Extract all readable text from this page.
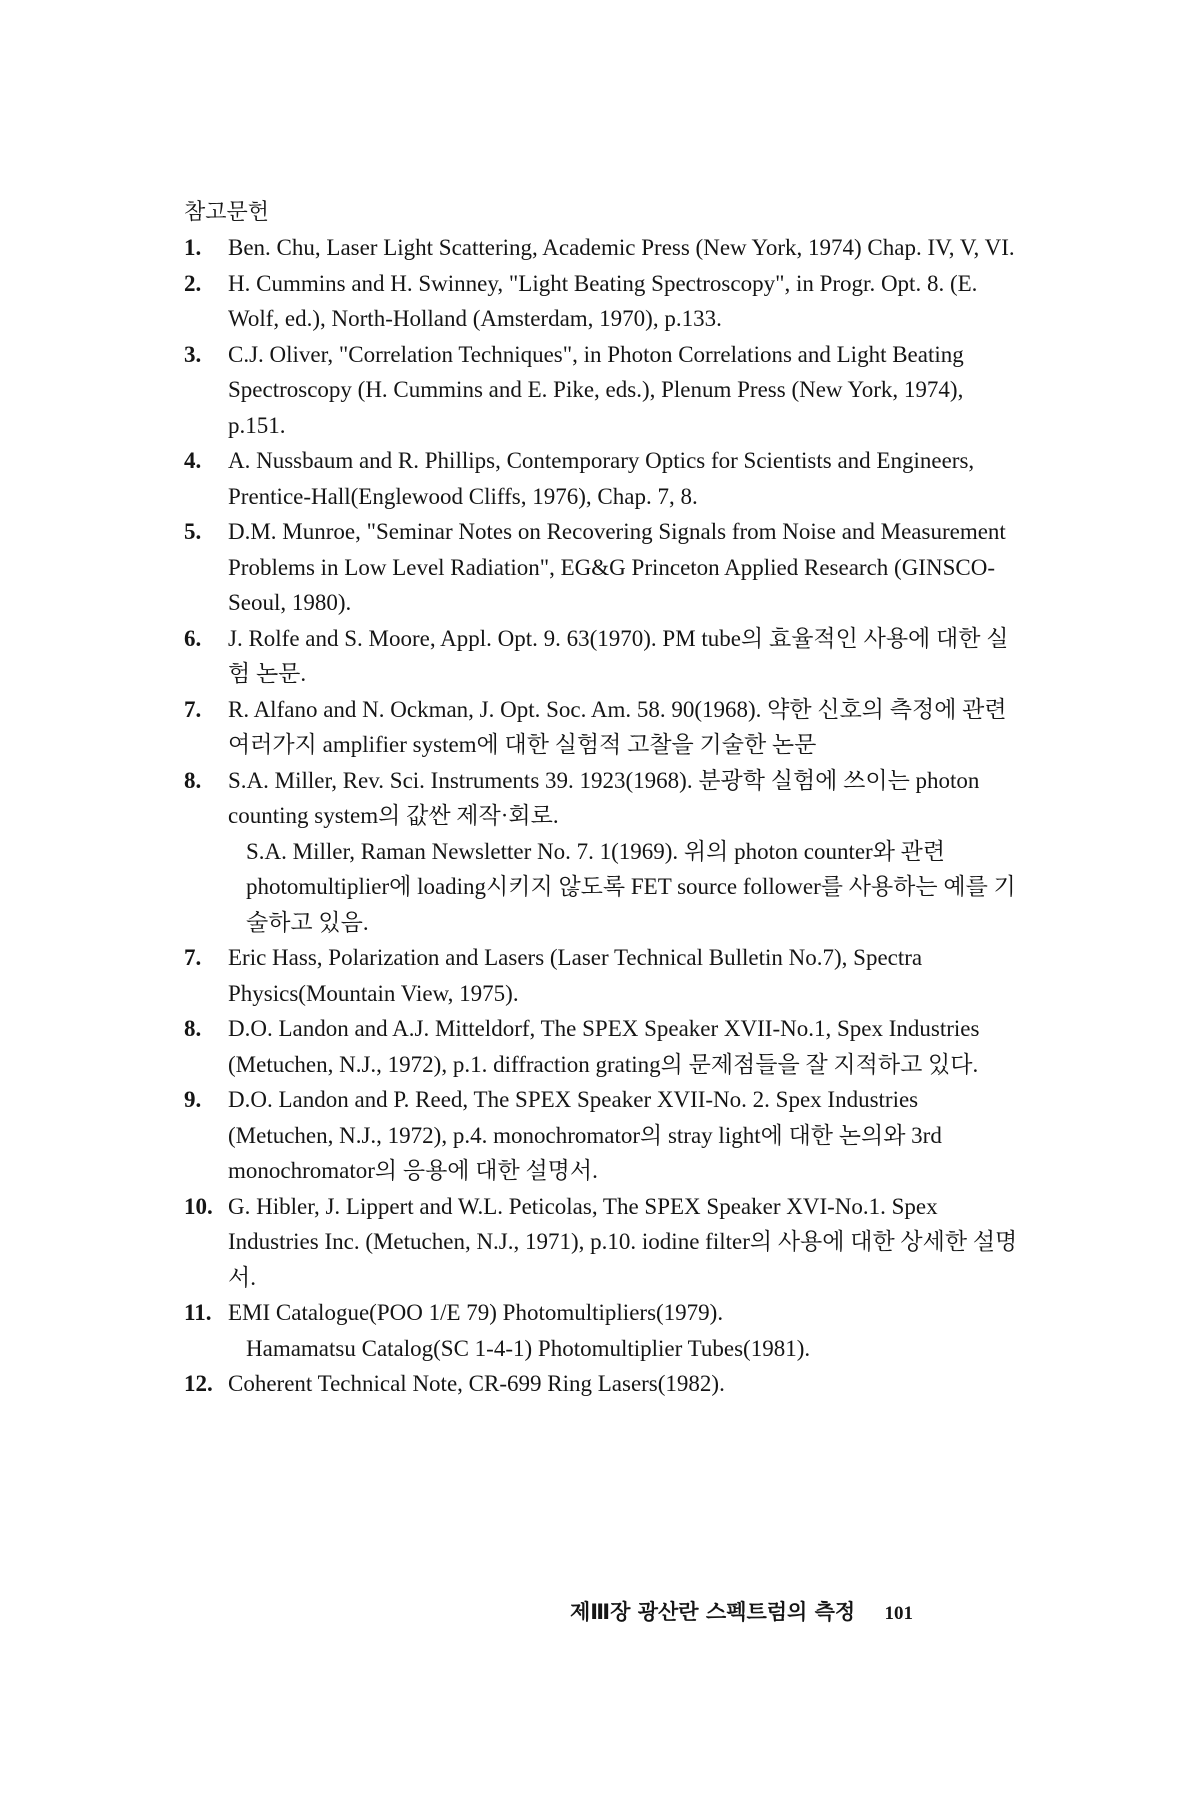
참고문헌
1.	Ben. Chu, Laser Light Scattering, Academic Press (New York, 1974) Chap. IV, V, VI.
2.	H. Cummins and H. Swinney, "Light Beating Spectroscopy", in Progr. Opt. 8. (E. Wolf, ed.), North-Holland (Amsterdam, 1970), p.133.
3.	C.J. Oliver, "Correlation Techniques", in Photon Correlations and Light Beating Spectroscopy (H. Cummins and E. Pike, eds.), Plenum Press (New York, 1974), p.151.
4.	A. Nussbaum and R. Phillips, Contemporary Optics for Scientists and Engineers, Prentice-Hall(Englewood Cliffs, 1976), Chap. 7, 8.
5.	D.M. Munroe, "Seminar Notes on Recovering Signals from Noise and Measurement Problems in Low Level Radiation", EG&G Princeton Applied Research (GINSCO-Seoul, 1980).
6.	J. Rolfe and S. Moore, Appl. Opt. 9. 63(1970). PM tube의 효율적인 사용에 대한 실험 논문.
7.	R. Alfano and N. Ockman, J. Opt. Soc. Am. 58. 90(1968). 약한 신호의 측정에 관련 여러가지 amplifier system에 대한 실험적 고찰을 기술한 논문
8.	S.A. Miller, Rev. Sci. Instruments 39. 1923(1968). 분광학 실험에 쓰이는 photon counting system의 값싼 제작·회로.
S.A. Miller, Raman Newsletter No. 7. 1(1969). 위의 photon counter와 관련 photomultiplier에 loading시키지 않도록 FET source follower를 사용하는 예를 기술하고 있음.
7.	Eric Hass, Polarization and Lasers (Laser Technical Bulletin No.7), Spectra Physics(Mountain View, 1975).
8.	D.O. Landon and A.J. Mitteldorf, The SPEX Speaker XVII-No.1, Spex Industries (Metuchen, N.J., 1972), p.1. diffraction grating의 문제점들을 잘 지적하고 있다.
9.	D.O. Landon and P. Reed, The SPEX Speaker XVII-No. 2. Spex Industries (Metuchen, N.J., 1972), p.4. monochromator의 stray light에 대한 논의와 3rd monochromator의 응용에 대한 설명서.
10. G. Hibler, J. Lippert and W.L. Peticolas, The SPEX Speaker XVI-No.1. Spex Industries Inc. (Metuchen, N.J., 1971), p.10. iodine filter의 사용에 대한 상세한 설명서.
11. EMI Catalogue(POO 1/E 79) Photomultipliers(1979).
Hamamatsu Catalog(SC 1-4-1) Photomultiplier Tubes(1981).
12. Coherent Technical Note, CR-699 Ring Lasers(1982).
제Ⅲ장 광산란 스펙트럼의 측정 101
